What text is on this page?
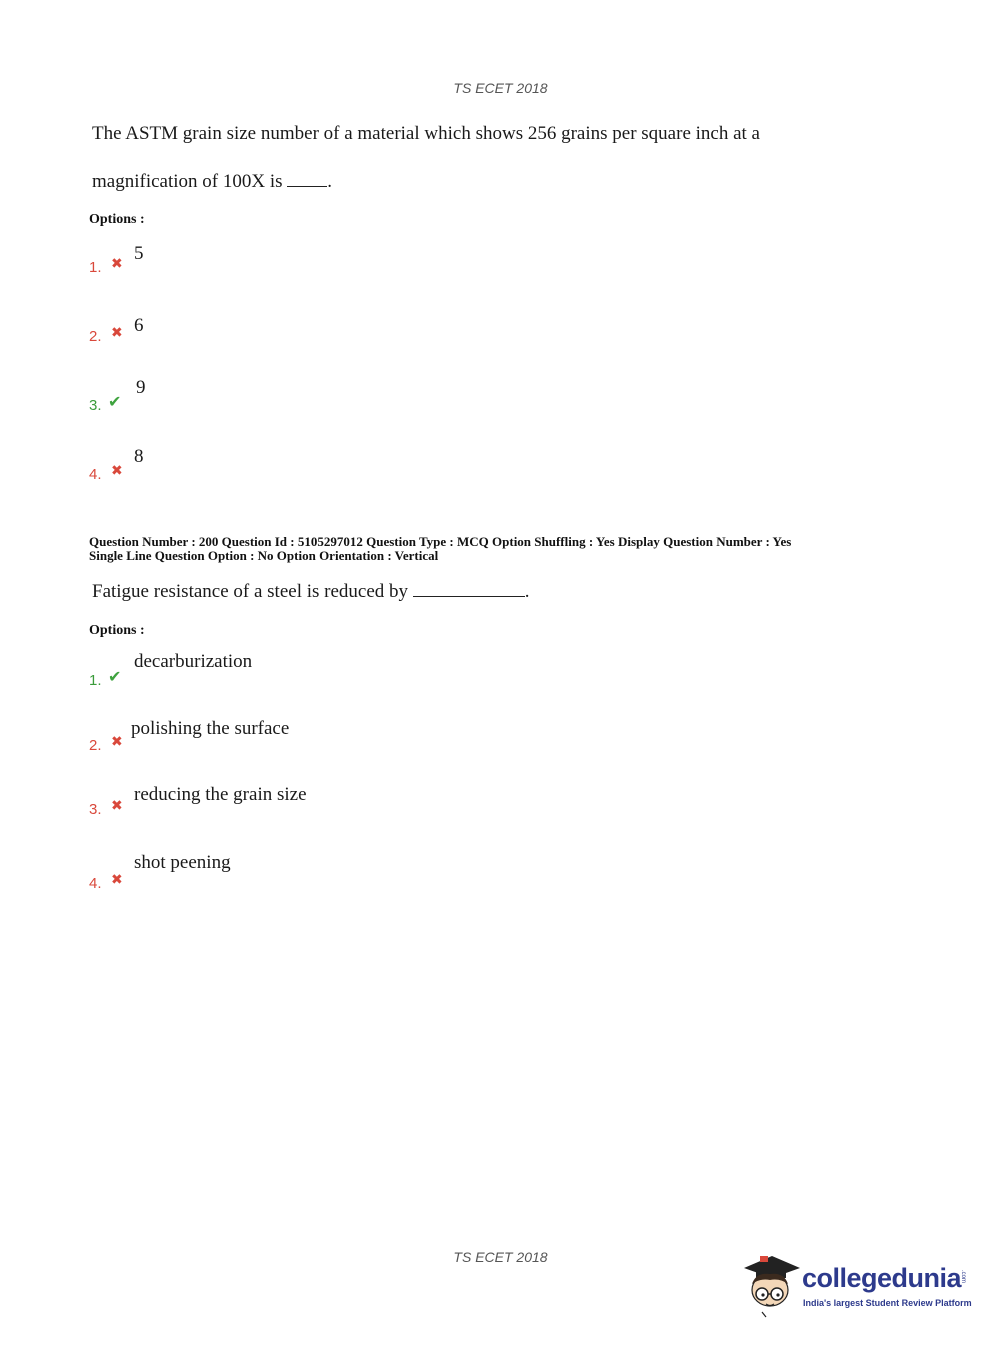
TS ECET 2018
The ASTM grain size number of a material which shows 256 grains per square inch at a
magnification of 100X is .
Options :
1. ✖ 5
2. ✖ 6
3. ✔
9
4. ✖
8
Question Number : 200 Question Id : 5105297012 Question Type : MCQ Option Shuffling : Yes Display Question Number : Yes
Single Line Question Option : No Option Orientation : Vertical
Fatigue resistance of a steel is reduced by	.
Options :
1. ✔
decarburization
2. ✖
polishing the surface
3. ✖
reducing the grain size
4. ✖
shot peening
TS ECET 2018
collegedunia
.com
India's largest Student Review Platform
